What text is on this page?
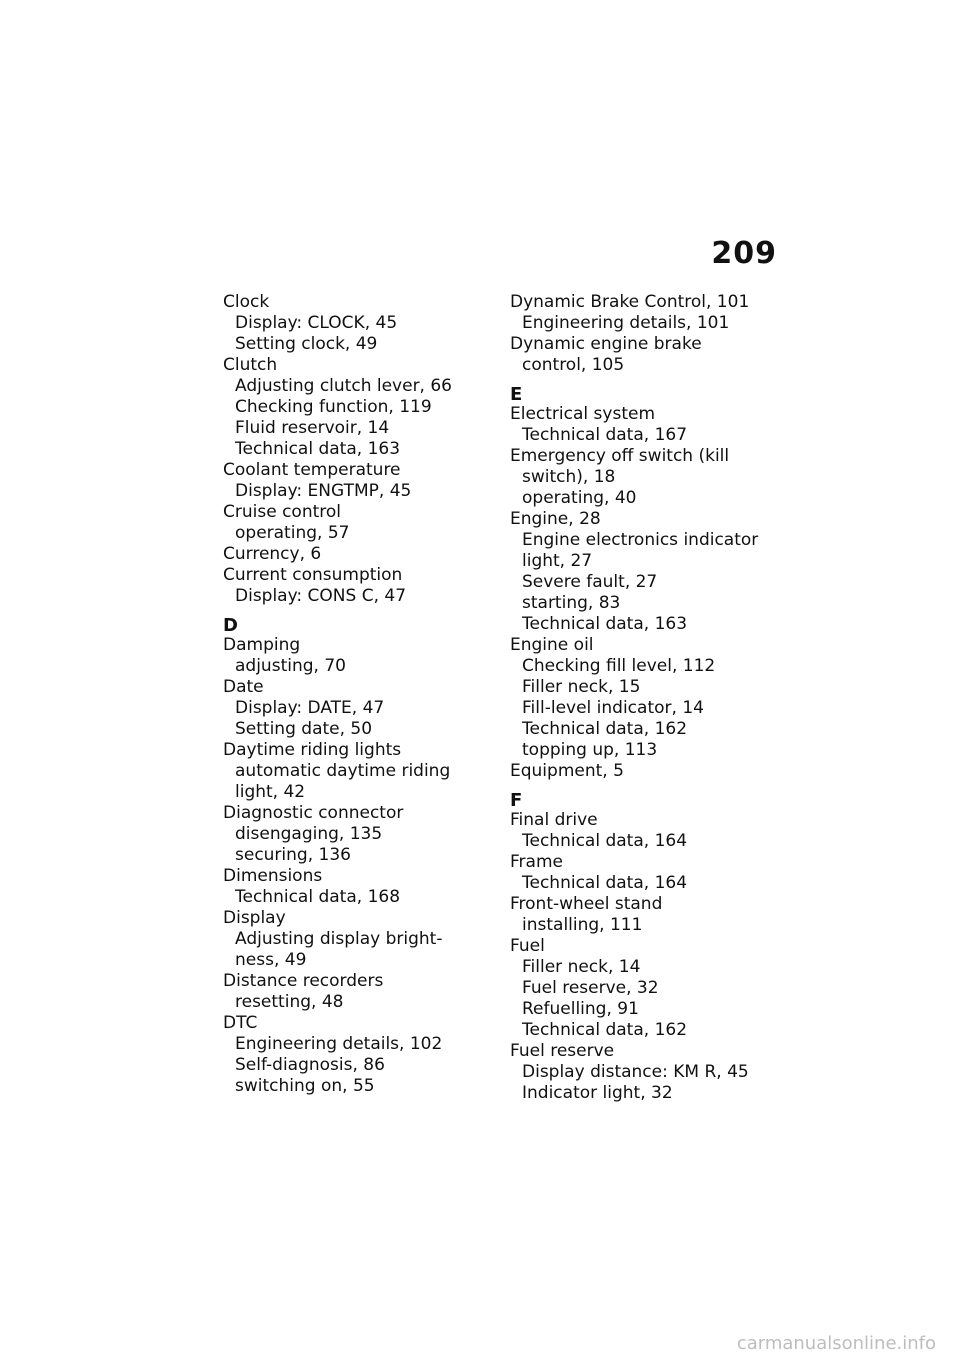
209
Clock
Display: CLOCK, 45
Setting clock, 49
Clutch
Adjusting clutch lever, 66
Checking function, 119
Fluid reservoir, 14
Technical data, 163
Coolant temperature
Display: ENGTMP, 45
Cruise control
operating, 57
Currency, 6
Current consumption
Display: CONS C, 47
D
Damping
adjusting, 70
Date
Display: DATE, 47
Setting date, 50
Daytime riding lights
automatic daytime riding
light, 42
Diagnostic connector
disengaging, 135
securing, 136
Dimensions
Technical data, 168
Display
Adjusting display bright-
ness, 49
Distance recorders
resetting, 48
DTC
Engineering details, 102
Self-diagnosis, 86
switching on, 55
Dynamic Brake Control, 101
Engineering details, 101
Dynamic engine brake
control, 105
E
Electrical system
Technical data, 167
Emergency off switch (kill
switch), 18
operating, 40
Engine, 28
Engine electronics indicator
light, 27
Severe fault, 27
starting, 83
Technical data, 163
Engine oil
Checking fill level, 112
Filler neck, 15
Fill-level indicator, 14
Technical data, 162
topping up, 113
Equipment, 5
F
Final drive
Technical data, 164
Frame
Technical data, 164
Front-wheel stand
installing, 111
Fuel
Filler neck, 14
Fuel reserve, 32
Refuelling, 91
Technical data, 162
Fuel reserve
Display distance: KM R, 45
Indicator light, 32

carmanualsonline.info
